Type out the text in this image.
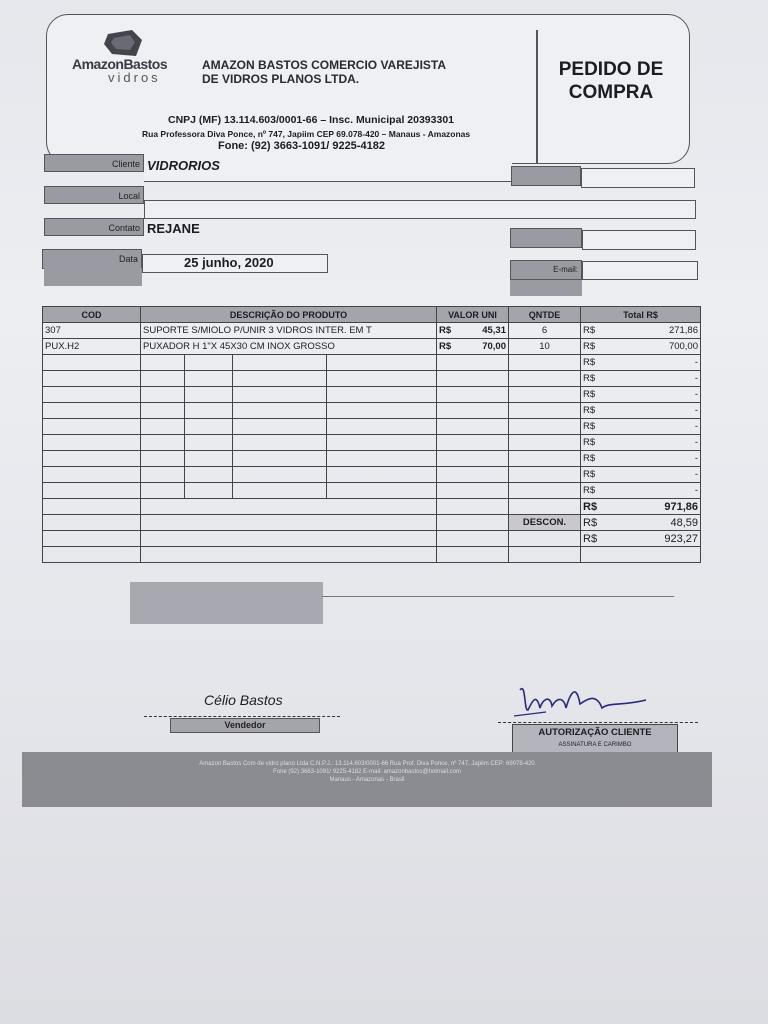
AmazonBastos
vidros
AMAZON BASTOS COMERCIO VAREJISTA
DE VIDROS PLANOS LTDA.	PEDIDO DE
COMPRA
CNPJ (MF) 13.114.603/0001-66 – Insc. Municipal 20393301
Rua Professora Diva Ponce, nº 747, Japiim CEP 69.078-420 – Manaus - Amazonas
Fone: (92) 3663-1091/ 9225-4182
Cliente VIDRORIOS
Local
Contato REJANE
Data	25 junho, 2020	E-mail:
COD	DESCRIÇÃO DO PRODUTO				VALOR UNI	QNTDE	Total R$
307	SUPORTE S/MIOLO P/UNIR 3 VIDROS INTER. EM T				R$ 45,31	6	R$ 271,86
PUX.H2	PUXADOR H 1"X 45X30 CM INOX GROSSO				R$ 70,00	10	R$ 700,00

							R$ -

							R$ -

							R$ -

							R$ -

							R$ -

							R$ -

							R$ -

							R$ -

							R$ -

							R$ 971,86
						DESCON.	R$ 48,59

							R$ 923,27

Célio Bastos
Vendedor
AUTORIZAÇÃO CLIENTE
ASSINATURA E CARIMBO
Amazon Bastos Com de vidro plano Ltda C.N.P.J.: 13.114.603/0001-66 Rua Prof. Diva Ponce, nº 747, Japiim CEP: 69078-420
Fone (92) 3663-1091/ 9225-4182 E-mail: amazonbastos@hotmail.com
Manaus - Amazonas - Brasil
